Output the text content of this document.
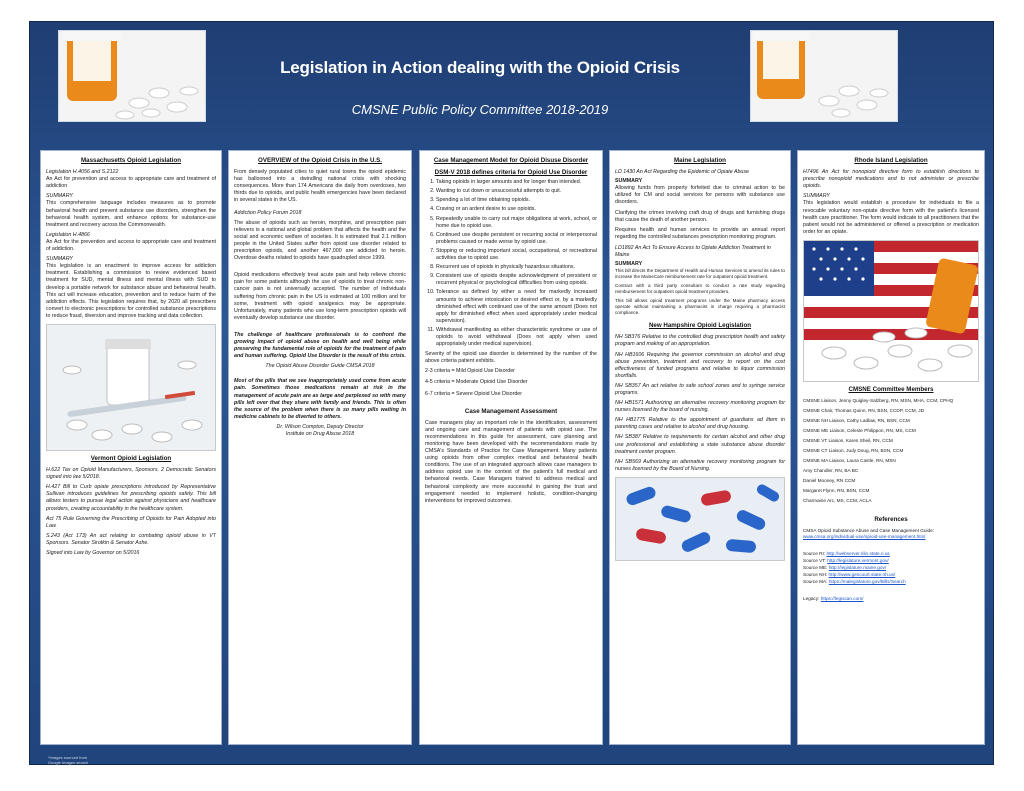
Legislation in Action dealing with the Opioid Crisis
CMSNE Public Policy Committee 2018-2019
Massachusetts Opioid Legislation
Legislation H.4056 and S.2122

An Act for prevention and access to appropriate care and treatment of addiction

SUMMARY

This comprehensive language includes measures as to promote behavioral health and prevent substance use disorders, strengthen the behavioral health system, and enhance options for substance-use treatment and recovery across the Commonwealth.

Legislation H.4866

An Act for the prevention and access to appropriate care and treatment of addiction.

SUMMARY

This legislation is an enactment to improve access for addiction treatment. Establishing a commission to review evidenced based treatment for SUD, mental illness and mental illness with SUD to develop a portable network for substance abuse and behavioral health. This act will increase education, prevention and to reduce harm of the addiction effects. This legislation requires that, by 2020 all prescribers convert to electronic prescriptions for controlled substance prescriptions to reduce fraud, diversion and improve tracking and data collection.

Vermont Opioid Legislation

H.622 Tax on Opioid Manufacturers, Sponsors. 2 Democratic Senators signed into law 5/2018.

H.427 Bill to Curb opiate prescriptions introduced by Representative Sullivan introduces guidelines for prescribing opioids safely. This bill allows testers to pursue legal action against physicians and healthcare providers, creating accountability in the healthcare system.

Act 75 Rule Governing the Prescribing of Opioids for Pain Adopted into Law.

S.243 (Act 173) An act relating to combating opioid abuse in VT Sponsors. Senator Sirotkin & Senator Ashe.

Signed into Law by Governor on 5/2016

OVERVIEW of the Opioid Crisis in the U.S.

From densely populated cities to quiet rural towns the opioid epidemic has ballooned into a dwindling national crisis with shocking consequences. More than 174 Americans die daily from overdoses, two thirds due to opioids, and public health emergencies have been declared in several states in the US.

Addiction Policy Forum 2018

The abuse of opioids such as heroin, morphine, and prescription pain relievers is a national and global problem that affects the health and the social and economic welfare of societies. It is estimated that 2.1 million people in the United States suffer from opioid use disorder related to prescription opioids, and another 467,000 are addicted to heroin. Overdose deaths related to opioids have quadrupled since 1999.

Opioid medications effectively treat acute pain and help relieve chronic pain for some patients although the use of opioids to treat chronic non-cancer pain is not universally accepted. The number of individuals suffering from chronic pain in the US is estimated at 100 million and for some, treatment with opioid analgesics may be appropriate. Unfortunately, many patients who use long-term prescription opioids will eventually develop substance use disorder.

The challenge of healthcare professionals is to confront the growing impact of opioid abuse on health and well being while preserving the fundamental role of opioids for the treatment of pain and human suffering. Opioid Use Disorder is the result of this crisis.

The Opioid Abuse Disorder Guide CMSA 2018

Most of the pills that we see inappropriately used come from acute pain. Sometimes those medications remain at risk in the management of acute pain are as large and perplexed so with many pills left over that they share with family and friends. This is often the source of the problem when there is so many pills waiting in medicine cabinets to be diverted to others.

Dr. Wilson Compton, Deputy Director
Institute on Drug Abuse 2018
Case Management Model for Opioid Disuse Disorder
DSM-V 2018 defines criteria for Opioid Use Disorder
1. Taking opioids in larger amounts and for longer than intended.
2. Wanting to cut down or unsuccessful attempts to quit.
3. Spending a lot of time obtaining opioids.
4. Craving or an ardent desire to use opioids.
5. Repeatedly unable to carry out major obligations at work, school, or home due to opioid use.
6. Continued use despite persistent or recurring social or interpersonal problems caused or made worse by opioid use.
7. Stopping or reducing important social, occupational, or recreational activities due to opioid use.
8. Recurrent use of opioids in physically hazardous situations.
9. Consistent use of opioids despite acknowledgment of persistent or recurrent physical or psychological difficulties from using opioids.
10. Tolerance as defined by either a need for markedly increased amounts to achieve intoxication or desired effect or, by a markedly diminished effect with continued use of the same amount (Does not apply for diminished effect when used appropriately under medical supervision).
11. Withdrawal manifesting as either characteristic syndrome or use of opioids to avoid withdrawal (Does not apply when used appropriately under medical supervision).

Severity of the opioid use disorder is determined by the number of the above criteria patient exhibits.

2-3 criteria = Mild Opioid Use Disorder
4-5 criteria = Moderate Opioid Use Disorder
6-7 criteria = Severe Opioid Use Disorder
Case Management Assessment

Case managers play an important role in the identification, assessment and ongoing care and management of patients with opioid use. The recommendations in this guide for assessment, care planning and monitoring have been developed with the recommendations made by CMSA's Standards of Practice for Case Management. Many patients using opioids from other complex medical and behavioral health conditions. The use of an integrated approach allows case managers to address opioid use in the context of the patient's full medical and behavioral needs. Case Managers trained to address medical and behavioral complexity are more successful in gaining the trust and engagement needed to implement holistic, condition-changing interventions for improved outcomes.

Maine Legislation
LD 1430 An Act Regarding the Epidemic of Opiate Abuse
SUMMARY

Allowing funds from property forfeited due to criminal action to be utilized for CM and social services for persons with substance use disorders.

Clarifying the crimes involving craft drug of drugs and furnishing drugs that cause the death of another person.

Requires health and human services to provide an annual report regarding the controlled substances prescription monitoring program.

LD1892 An Act To Ensure Access to Opiate Addiction Treatment in Maine
SUMMARY

This bill directs the Department of Health and Human Services to amend its rules to increase the MaineCare reimbursement rate for outpatient opioid treatment.

Contract with a third party consultant to conduct a rate study regarding reimbursement for outpatient opioid treatment providers.

This bill allows opioid treatment programs under the Maine pharmacy access operate without maintaining a pharmacist in charge requiring a pharmacist compliance.

New Hampshire Opioid Legislation

NH SB376 Relative to the controlled drug prescription health and safety program and making of an appropriation.

NH HB1606 Requiring the governor commission on alcohol and drug abuse prevention, treatment and recovery to report on the cost effectiveness of funded programs and relative to liquor commission shortfalls.

NH SB357 An act relative to safe school zones and to syringe service programs.

NH HB1571 Authorizing an alternative recovery monitoring program for nurses licensed by the board of nursing.

NH HB1775 Relative to the appointment of guardians ad litem in parenting cases and relative to alcohol and drug housing.

NH SB387 Relative to requirements for certain alcohol and other drug use professional and establishing a state substance abuse disorder treatment center program.

NH SB569 Authorizing an alternative recovery monitoring program for nurses licensed by the Board of Nursing.

Rhode Island Legislation

H7496 An Act for nonopioid directive form to establish directions to prescribe nonopioid medications and to not administer or prescribe opioids.

SUMMARY

This legislation would establish a procedure for individuals to file a revocable voluntary non-opiate directive form with the patient's licensed health care practitioner. The form would indicate to all practitioners that the patient would not be administered or offered a prescription or medication order for an opiate.

CMSNE Committee Members
CMSNE Liaison, Jenny Quigley-Salzberg, RN, MSN, MHA, CCM, CPHQ
CMSNE Chair, Thomas Quinn, RN, BSN, CCDP, CCM, JD
CMSNE NH Liaison, Cathy Ladlaw, RN, BSN, CCM
CMSNE ME Liaison, Celeste Philippon, RN, MS, CCM
CMSNE VT Liaison, Karen Sheil, RN, CCM
CMSNE CT Liaison, Judy Doug, RN, BSN, CCM
CMSNE MA Liaison, Laura Castle, RN, MSN
Amy Chandler, RN, BA BC
Daniel Mooney, RN CCM
Margaret Flynn, RN, BSN, CCM
Charmaine Arc, MS, CCM, ACLA
References
CMSA Opioid Substance Abuse and Case Management Guide:
www.cmsa.org/individual-use/opioid-use-management.html
Source RI: http://webserver.rilin.state.ri.us
Source VT: http://legislature.vermont.gov/
Source ME: http://legislature.maine.gov/
Source NH: http://www.gencourt.state.nh.us/
Source MA: https://malegislature.gov/Bills/Search
Legacy: https://legiscan.com/
*Images sourced from
Google Images search
